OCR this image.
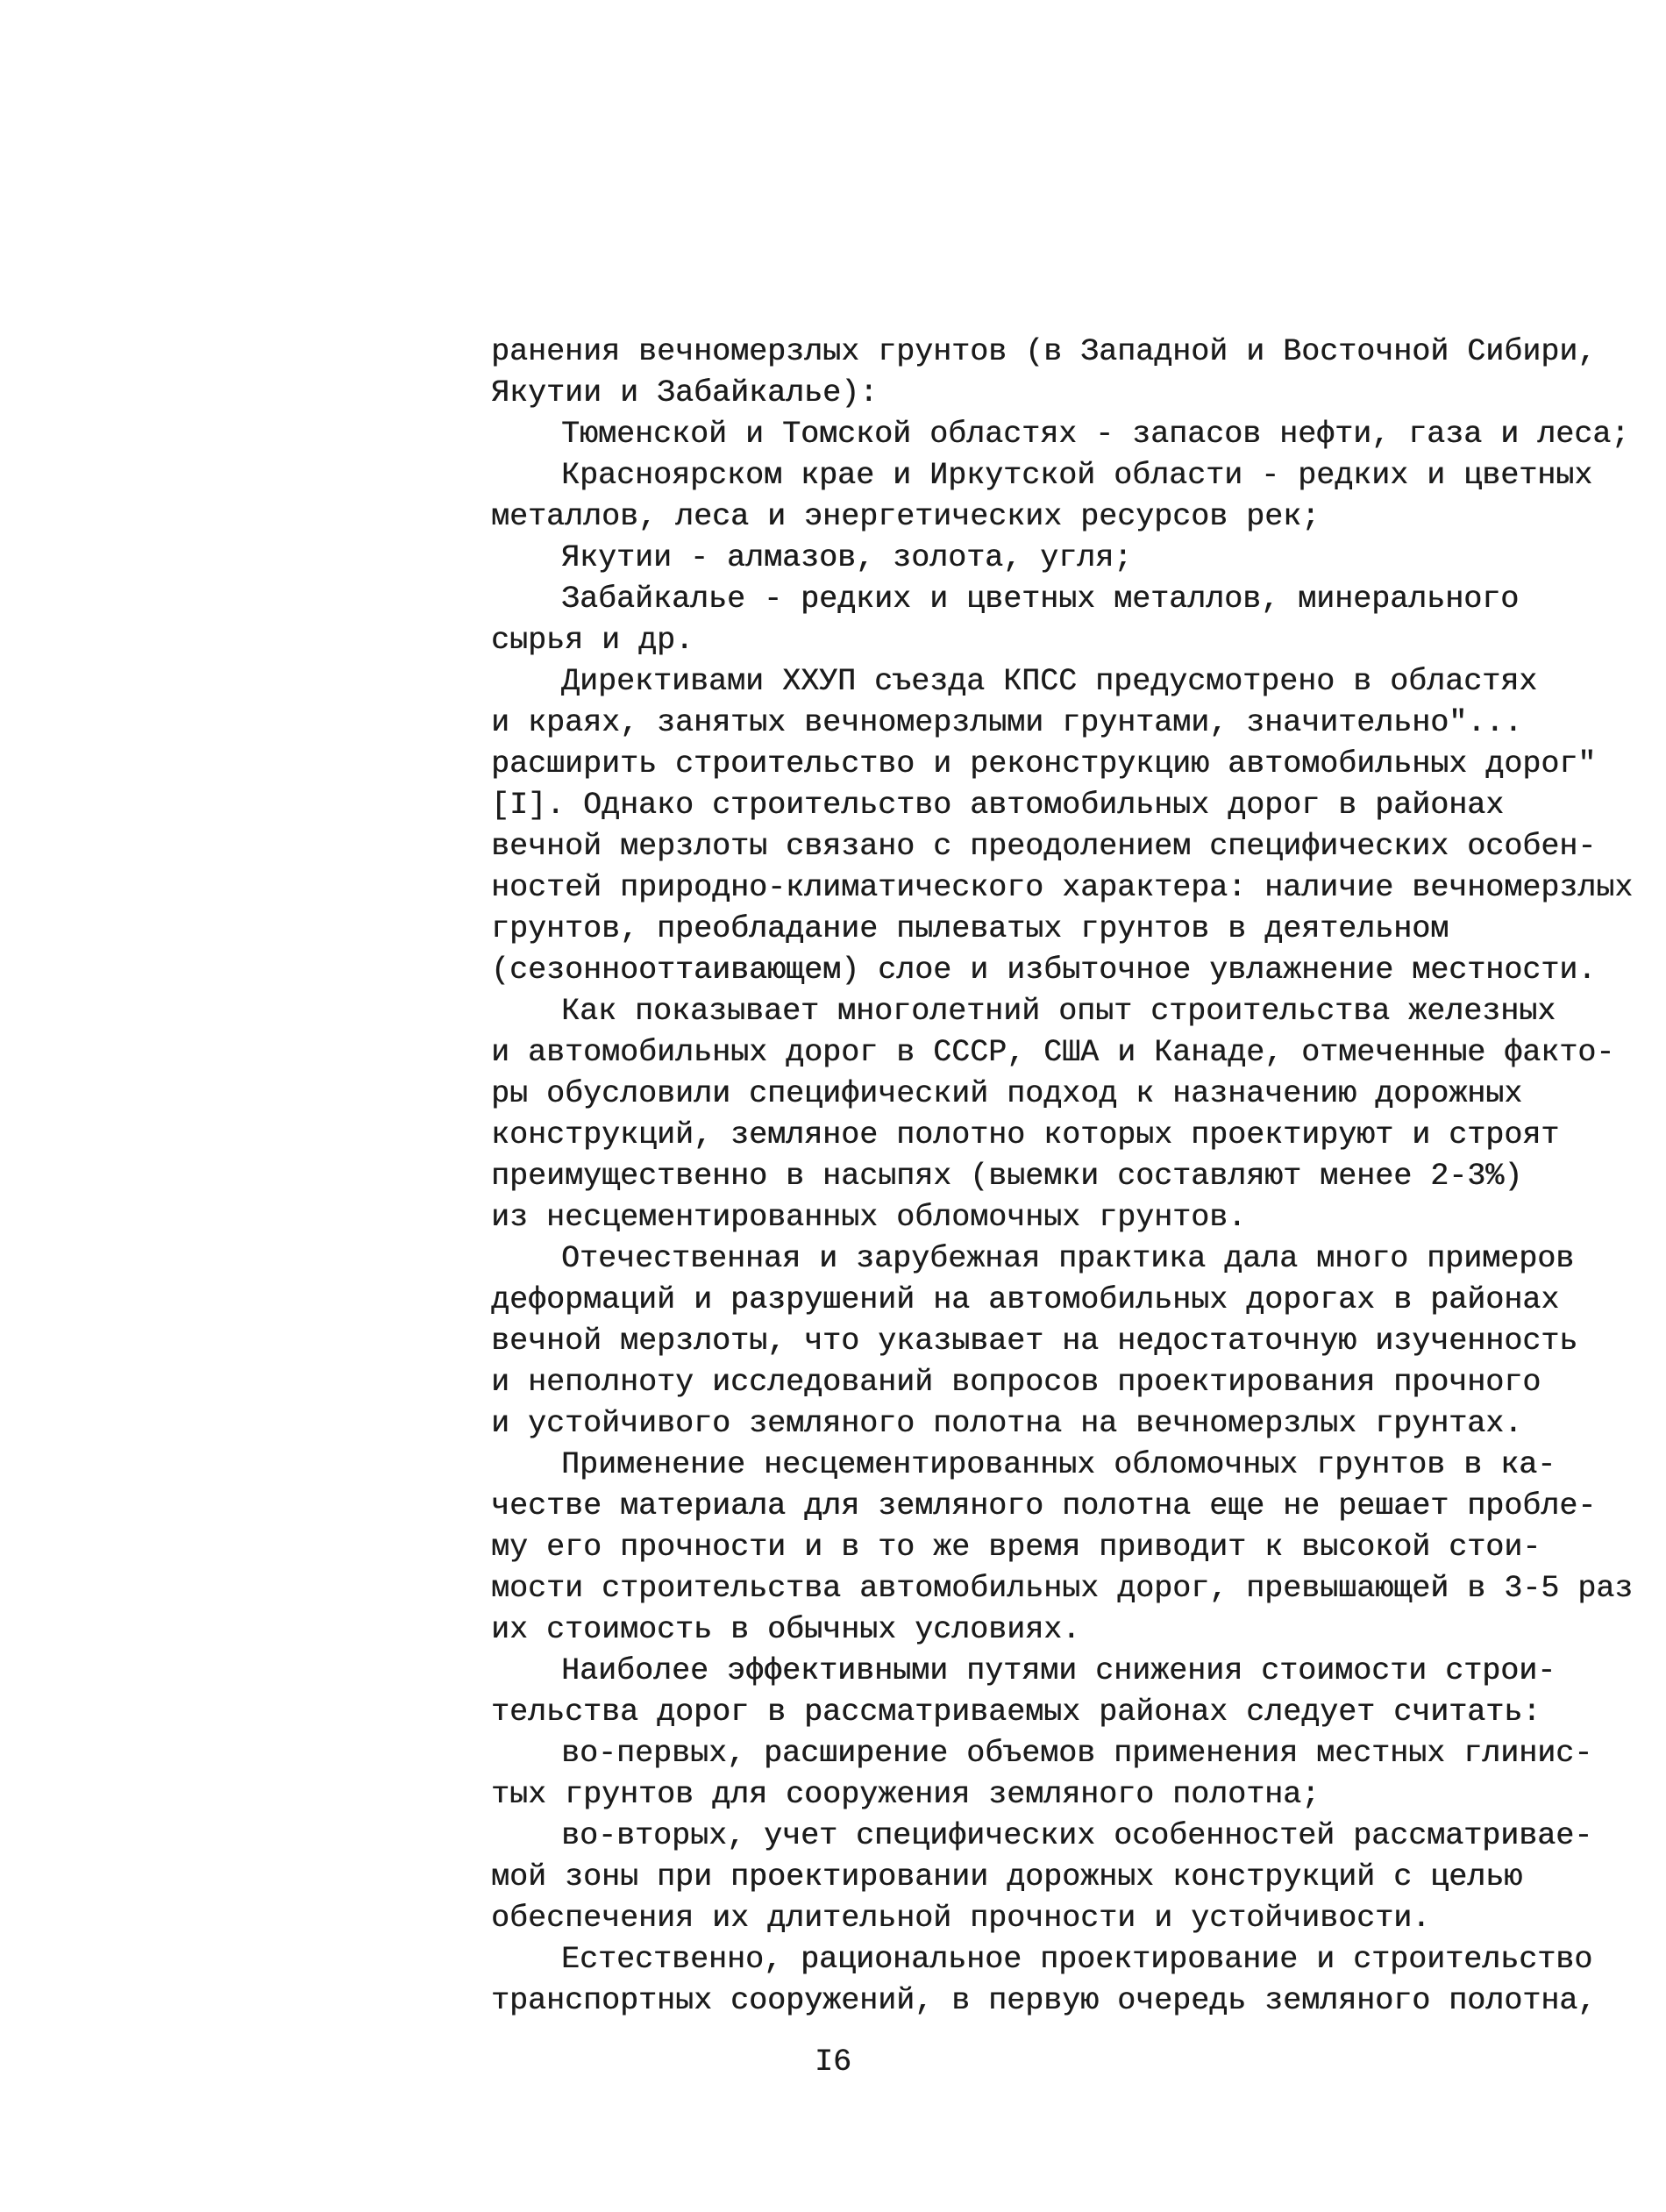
ранения вечномерзлых грунтов (в Западной и Восточной Сибири,
Якутии и Забайкалье):
Тюменской и Томской областях - запасов нефти, газа и леса;
Красноярском крае и Иркутской области - редких и цветных
металлов, леса и энергетических ресурсов рек;
Якутии - алмазов, золота, угля;
Забайкалье - редких и цветных металлов, минерального
сырья и др.
Директивами ХХУП съезда КПСС предусмотрено в областях
и краях, занятых вечномерзлыми грунтами, значительно"...
расширить строительство и реконструкцию автомобильных дорог"
[I]. Однако строительство автомобильных дорог в районах
вечной мерзлоты связано с преодолением специфических особен-
ностей природно-климатического характера: наличие вечномерзлых
грунтов, преобладание пылеватых грунтов в деятельном
(сезоннооттаивающем) слое и избыточное увлажнение местности.
Как показывает многолетний опыт строительства железных
и автомобильных дорог в СССР, США и Канаде, отмеченные факто-
ры обусловили специфический подход к назначению дорожных
конструкций, земляное полотно которых проектируют и строят
преимущественно в насыпях (выемки составляют менее 2-3%)
из несцементированных обломочных грунтов.
Отечественная и зарубежная практика дала много примеров
деформаций и разрушений на автомобильных дорогах в районах
вечной мерзлоты, что указывает на недостаточную изученность
и неполноту исследований вопросов проектирования прочного
и устойчивого земляного полотна на вечномерзлых грунтах.
Применение несцементированных обломочных грунтов в ка-
честве материала для земляного полотна еще не решает пробле-
му его прочности и в то же время приводит к высокой стои-
мости строительства автомобильных дорог, превышающей в 3-5 раз
их стоимость в обычных условиях.
Наиболее эффективными путями снижения стоимости строи-
тельства дорог в рассматриваемых районах следует считать:
во-первых, расширение объемов применения местных глинис-
тых грунтов для сооружения земляного полотна;
во-вторых, учет специфических особенностей рассматривае-
мой зоны при проектировании дорожных конструкций с целью
обеспечения их длительной прочности и устойчивости.
Естественно, рациональное проектирование и строительство
транспортных сооружений, в первую очередь земляного полотна,
I6
